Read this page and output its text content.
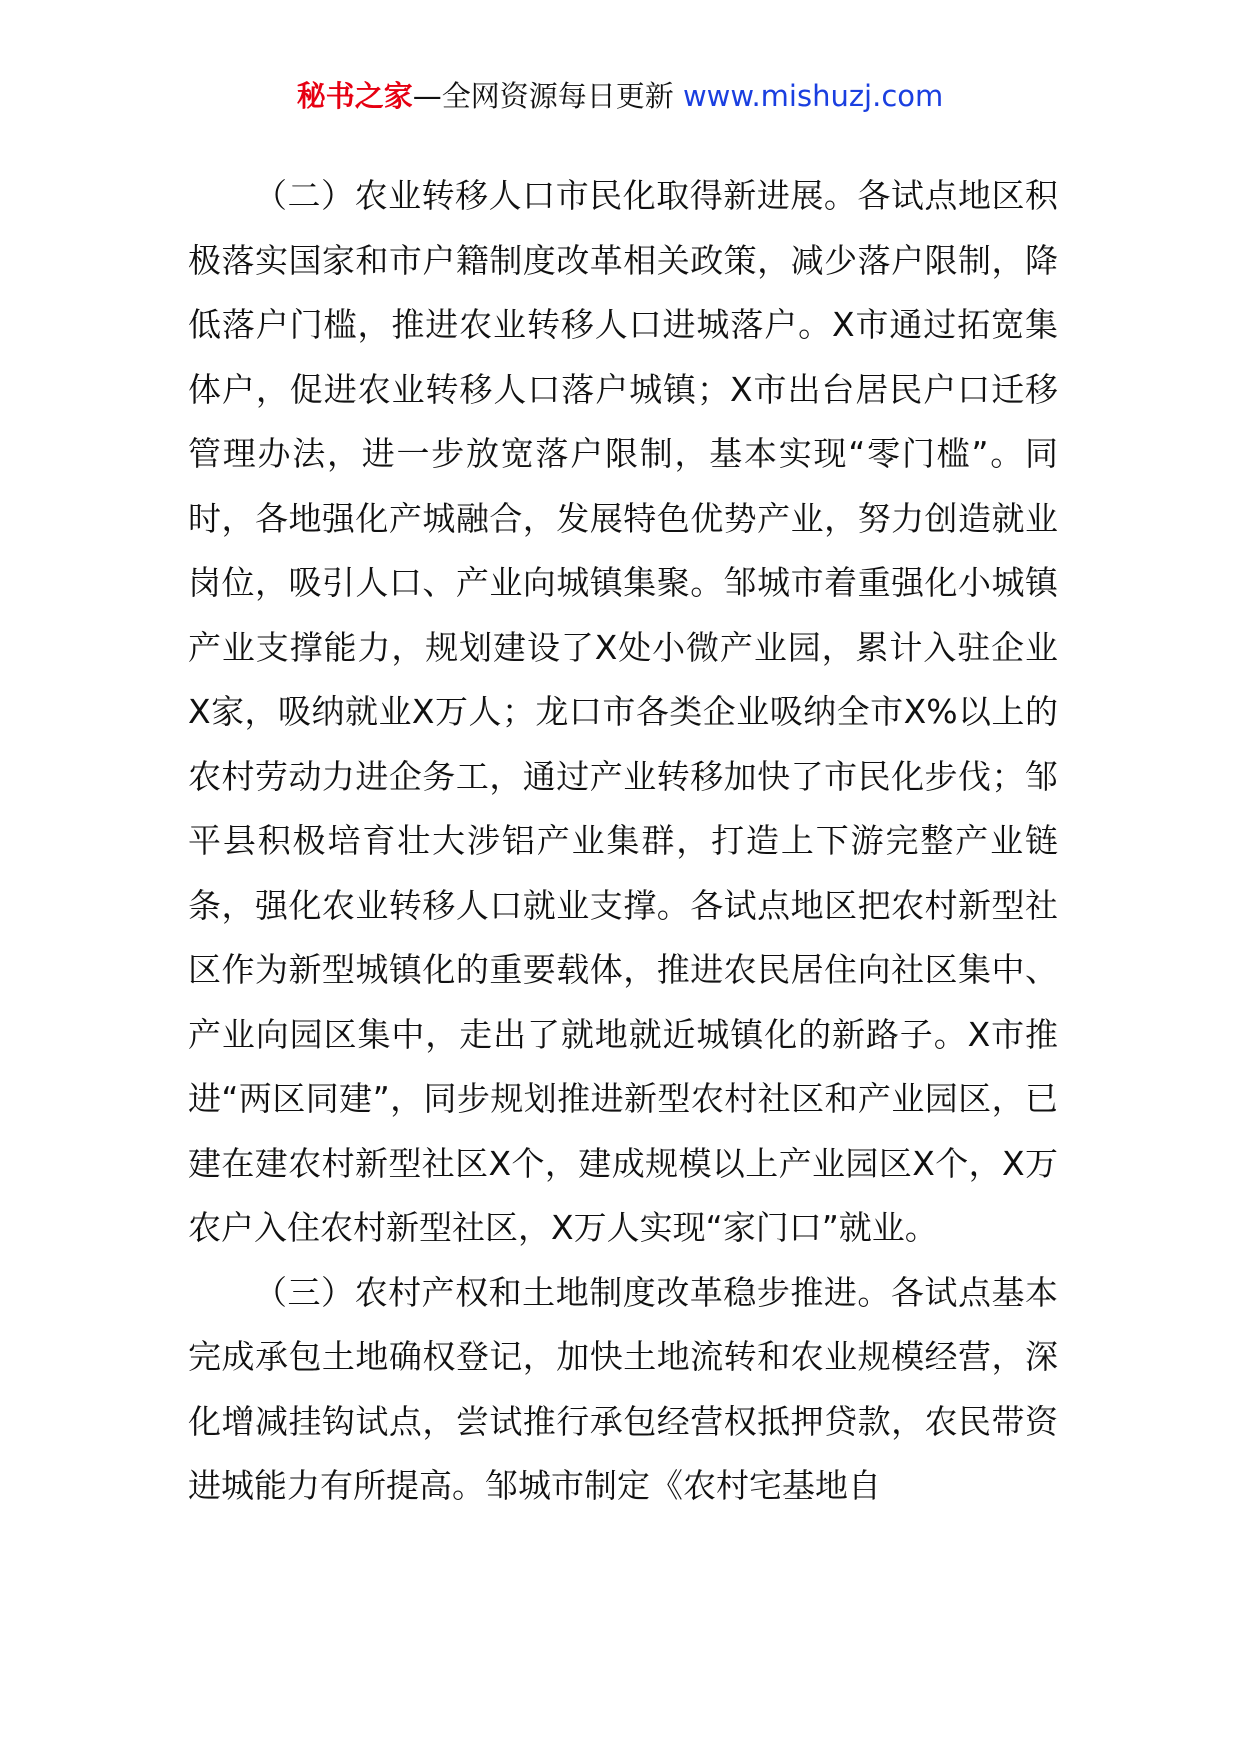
秘书之家—全网资源每日更新 www.mishuzj.com

（二）农业转移人口市民化取得新进展。各试点地区积极落实国家和市户籍制度改革相关政策，减少落户限制，降低落户门槛，推进农业转移人口进城落户。X市通过拓宽集体户，促进农业转移人口落户城镇；X市出台居民户口迁移管理办法，进一步放宽落户限制，基本实现“零门槛”。同时，各地强化产城融合，发展特色优势产业，努力创造就业岗位，吸引人口、产业向城镇集聚。邹城市着重强化小城镇产业支撑能力，规划建设了X处小微产业园，累计入驻企业X家，吸纳就业X万人；龙口市各类企业吸纳全市X%以上的农村劳动力进企务工，通过产业转移加快了市民化步伐；邹平县积极培育壮大涉铝产业集群，打造上下游完整产业链条，强化农业转移人口就业支撑。各试点地区把农村新型社区作为新型城镇化的重要载体，推进农民居住向社区集中、产业向园区集中，走出了就地就近城镇化的新路子。X市推进“两区同建”，同步规划推进新型农村社区和产业园区，已建在建农村新型社区X个，建成规模以上产业园区X个，X万农户入住农村新型社区，X万人实现“家门口”就业。

（三）农村产权和土地制度改革稳步推进。各试点基本完成承包土地确权登记，加快土地流转和农业规模经营，深化增减挂钩试点，尝试推行承包经营权抵押贷款，农民带资进城能力有所提高。邹城市制定《农村宅基地自
